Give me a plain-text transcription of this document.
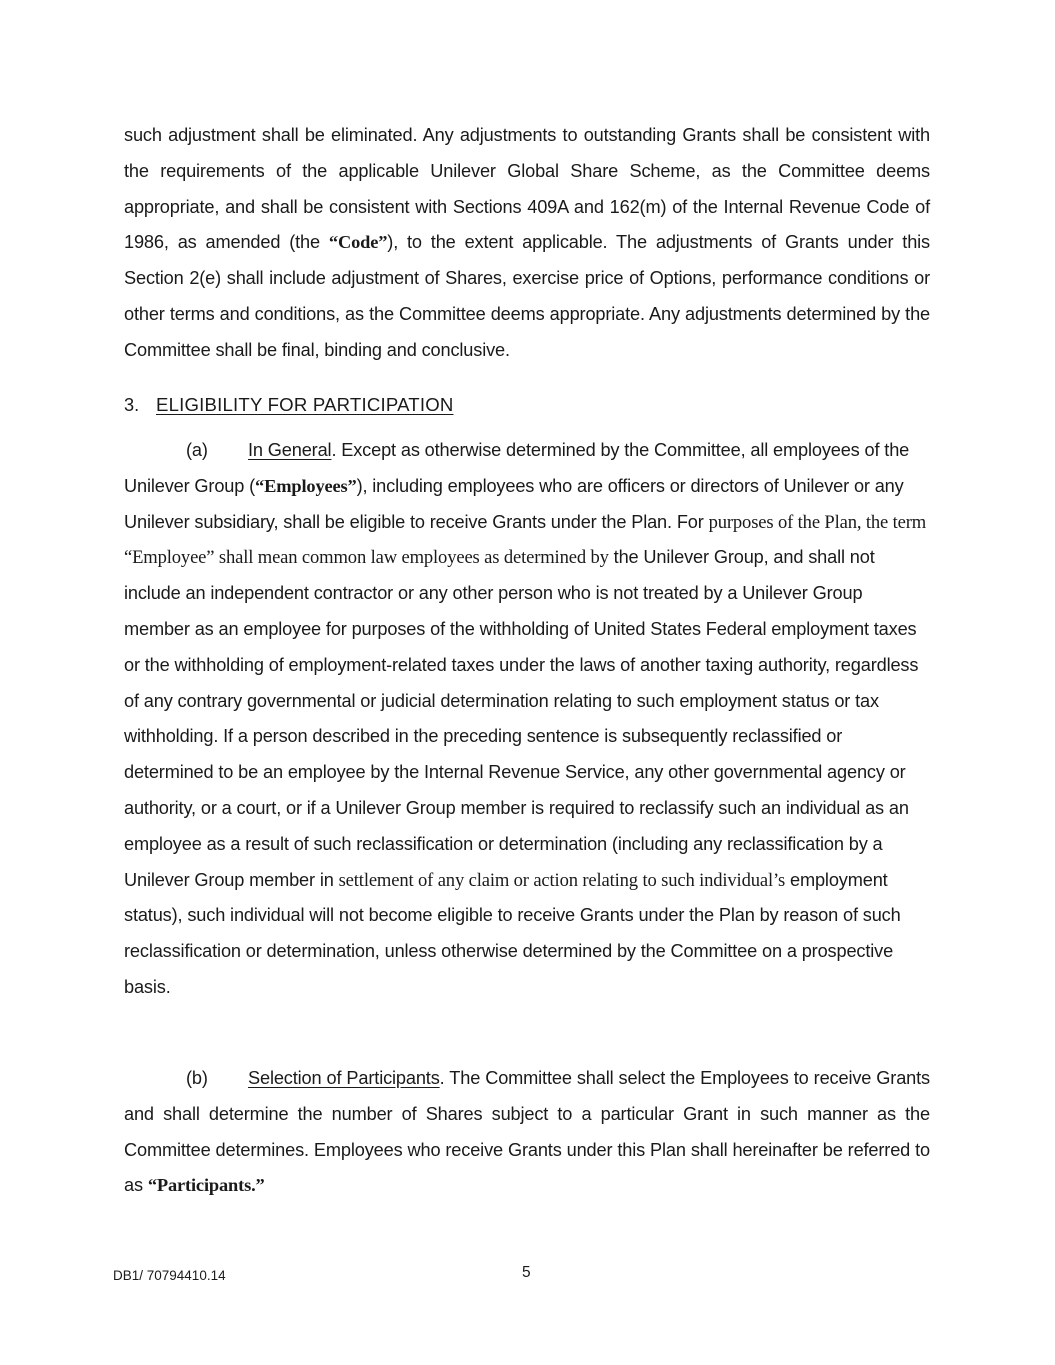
such adjustment shall be eliminated. Any adjustments to outstanding Grants shall be consistent with the requirements of the applicable Unilever Global Share Scheme, as the Committee deems appropriate, and shall be consistent with Sections 409A and 162(m) of the Internal Revenue Code of 1986, as amended (the “Code”), to the extent applicable. The adjustments of Grants under this Section 2(e) shall include adjustment of Shares, exercise price of Options, performance conditions or other terms and conditions, as the Committee deems appropriate. Any adjustments determined by the Committee shall be final, binding and conclusive.

3. ELIGIBILITY FOR PARTICIPATION

(a) In General. Except as otherwise determined by the Committee, all employees of the Unilever Group (“Employees”), including employees who are officers or directors of Unilever or any Unilever subsidiary, shall be eligible to receive Grants under the Plan. For purposes of the Plan, the term “Employee” shall mean common law employees as determined by the Unilever Group, and shall not include an independent contractor or any other person who is not treated by a Unilever Group member as an employee for purposes of the withholding of United States Federal employment taxes or the withholding of employment-related taxes under the laws of another taxing authority, regardless of any contrary governmental or judicial determination relating to such employment status or tax withholding. If a person described in the preceding sentence is subsequently reclassified or determined to be an employee by the Internal Revenue Service, any other governmental agency or authority, or a court, or if a Unilever Group member is required to reclassify such an individual as an employee as a result of such reclassification or determination (including any reclassification by a Unilever Group member in settlement of any claim or action relating to such individual’s employment status), such individual will not become eligible to receive Grants under the Plan by reason of such reclassification or determination, unless otherwise determined by the Committee on a prospective basis.

(b) Selection of Participants. The Committee shall select the Employees to receive Grants and shall determine the number of Shares subject to a particular Grant in such manner as the Committee determines. Employees who receive Grants under this Plan shall hereinafter be referred to as “Participants.”

DB1/ 70794410.14	5
